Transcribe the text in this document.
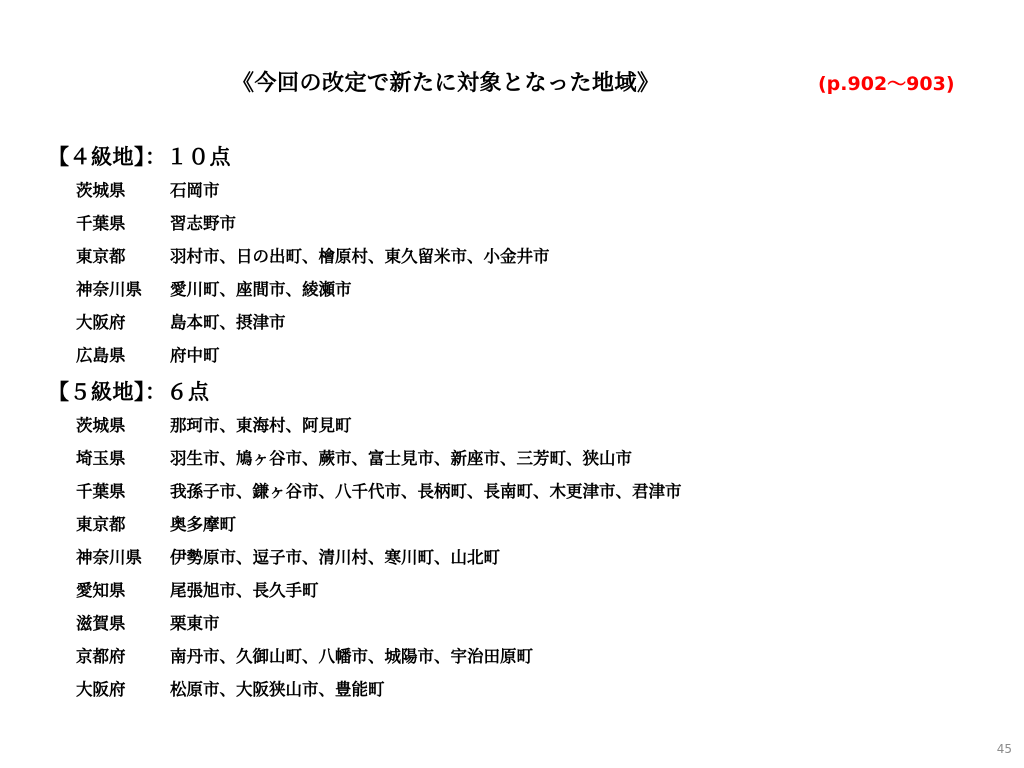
《今回の改定で新たに対象となった地域》	(p.902～903)
【４級地】：１０点
茨城県	石岡市
千葉県	習志野市
東京都	羽村市、日の出町、檜原村、東久留米市、小金井市
神奈川県 愛川町、座間市、綾瀬市
大阪府	島本町、摂津市
広島県	府中町
【５級地】：６点
茨城県	那珂市、東海村、阿見町
埼玉県	羽生市、鳩ヶ谷市、蕨市、富士見市、新座市、三芳町、狭山市
千葉県	我孫子市、鎌ヶ谷市、八千代市、長柄町、長南町、木更津市、君津市
東京都	奥多摩町
神奈川県 伊勢原市、逗子市、清川村、寒川町、山北町
愛知県	尾張旭市、長久手町
滋賀県	栗東市
京都府	南丹市、久御山町、八幡市、城陽市、宇治田原町
大阪府	松原市、大阪狭山市、豊能町
45
